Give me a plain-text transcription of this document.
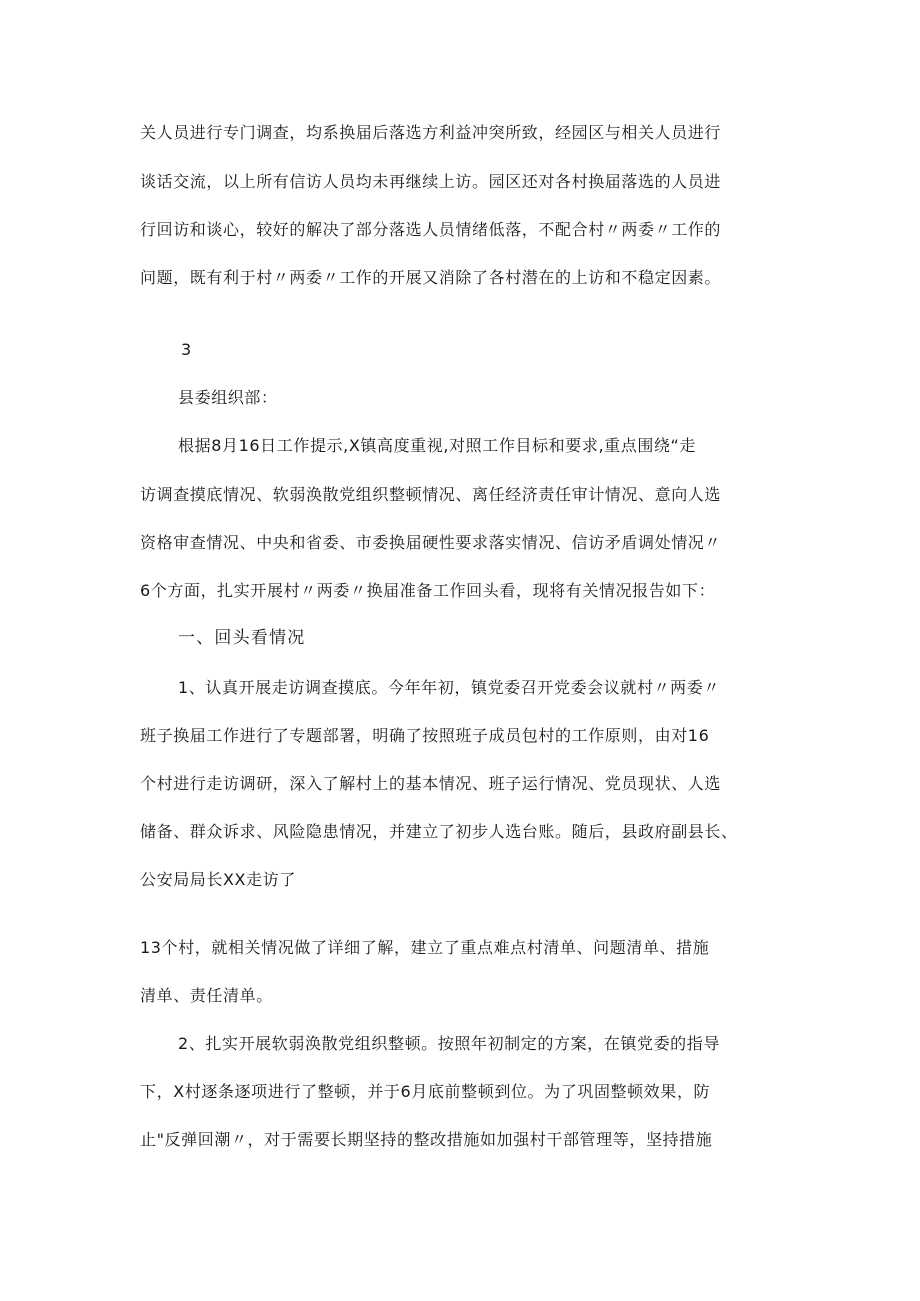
关人员进行专门调查，均系换届后落选方利益冲突所致，经园区与相关人员进行
谈话交流，以上所有信访人员均未再继续上访。园区还对各村换届落选的人员进
行回访和谈心，较好的解决了部分落选人员情绪低落，不配合村〃两委〃工作的
问题，既有利于村〃两委〃工作的开展又消除了各村潜在的上访和不稳定因素。
3
县委组织部：
根据8月16日工作提示,X镇高度重视,对照工作目标和要求,重点围绕“走
访调查摸底情况、软弱涣散党组织整顿情况、离任经济责任审计情况、意向人选
资格审查情况、中央和省委、市委换届硬性要求落实情况、信访矛盾调处情况〃
6个方面，扎实开展村〃两委〃换届准备工作回头看，现将有关情况报告如下：
一、回头看情况
1、认真开展走访调查摸底。今年年初，镇党委召开党委会议就村〃两委〃
班子换届工作进行了专题部署，明确了按照班子成员包村的工作原则，由对16
个村进行走访调研，深入了解村上的基本情况、班子运行情况、党员现状、人选
储备、群众诉求、风险隐患情况，并建立了初步人选台账。随后，县政府副县长、
公安局局长XX走访了
13个村，就相关情况做了详细了解，建立了重点难点村清单、问题清单、措施
清单、责任清单。
2、扎实开展软弱涣散党组织整顿。按照年初制定的方案，在镇党委的指导
下，X村逐条逐项进行了整顿，并于6月底前整顿到位。为了巩固整顿效果，防
止"反弹回潮〃，对于需要长期坚持的整改措施如加强村干部管理等，坚持措施
